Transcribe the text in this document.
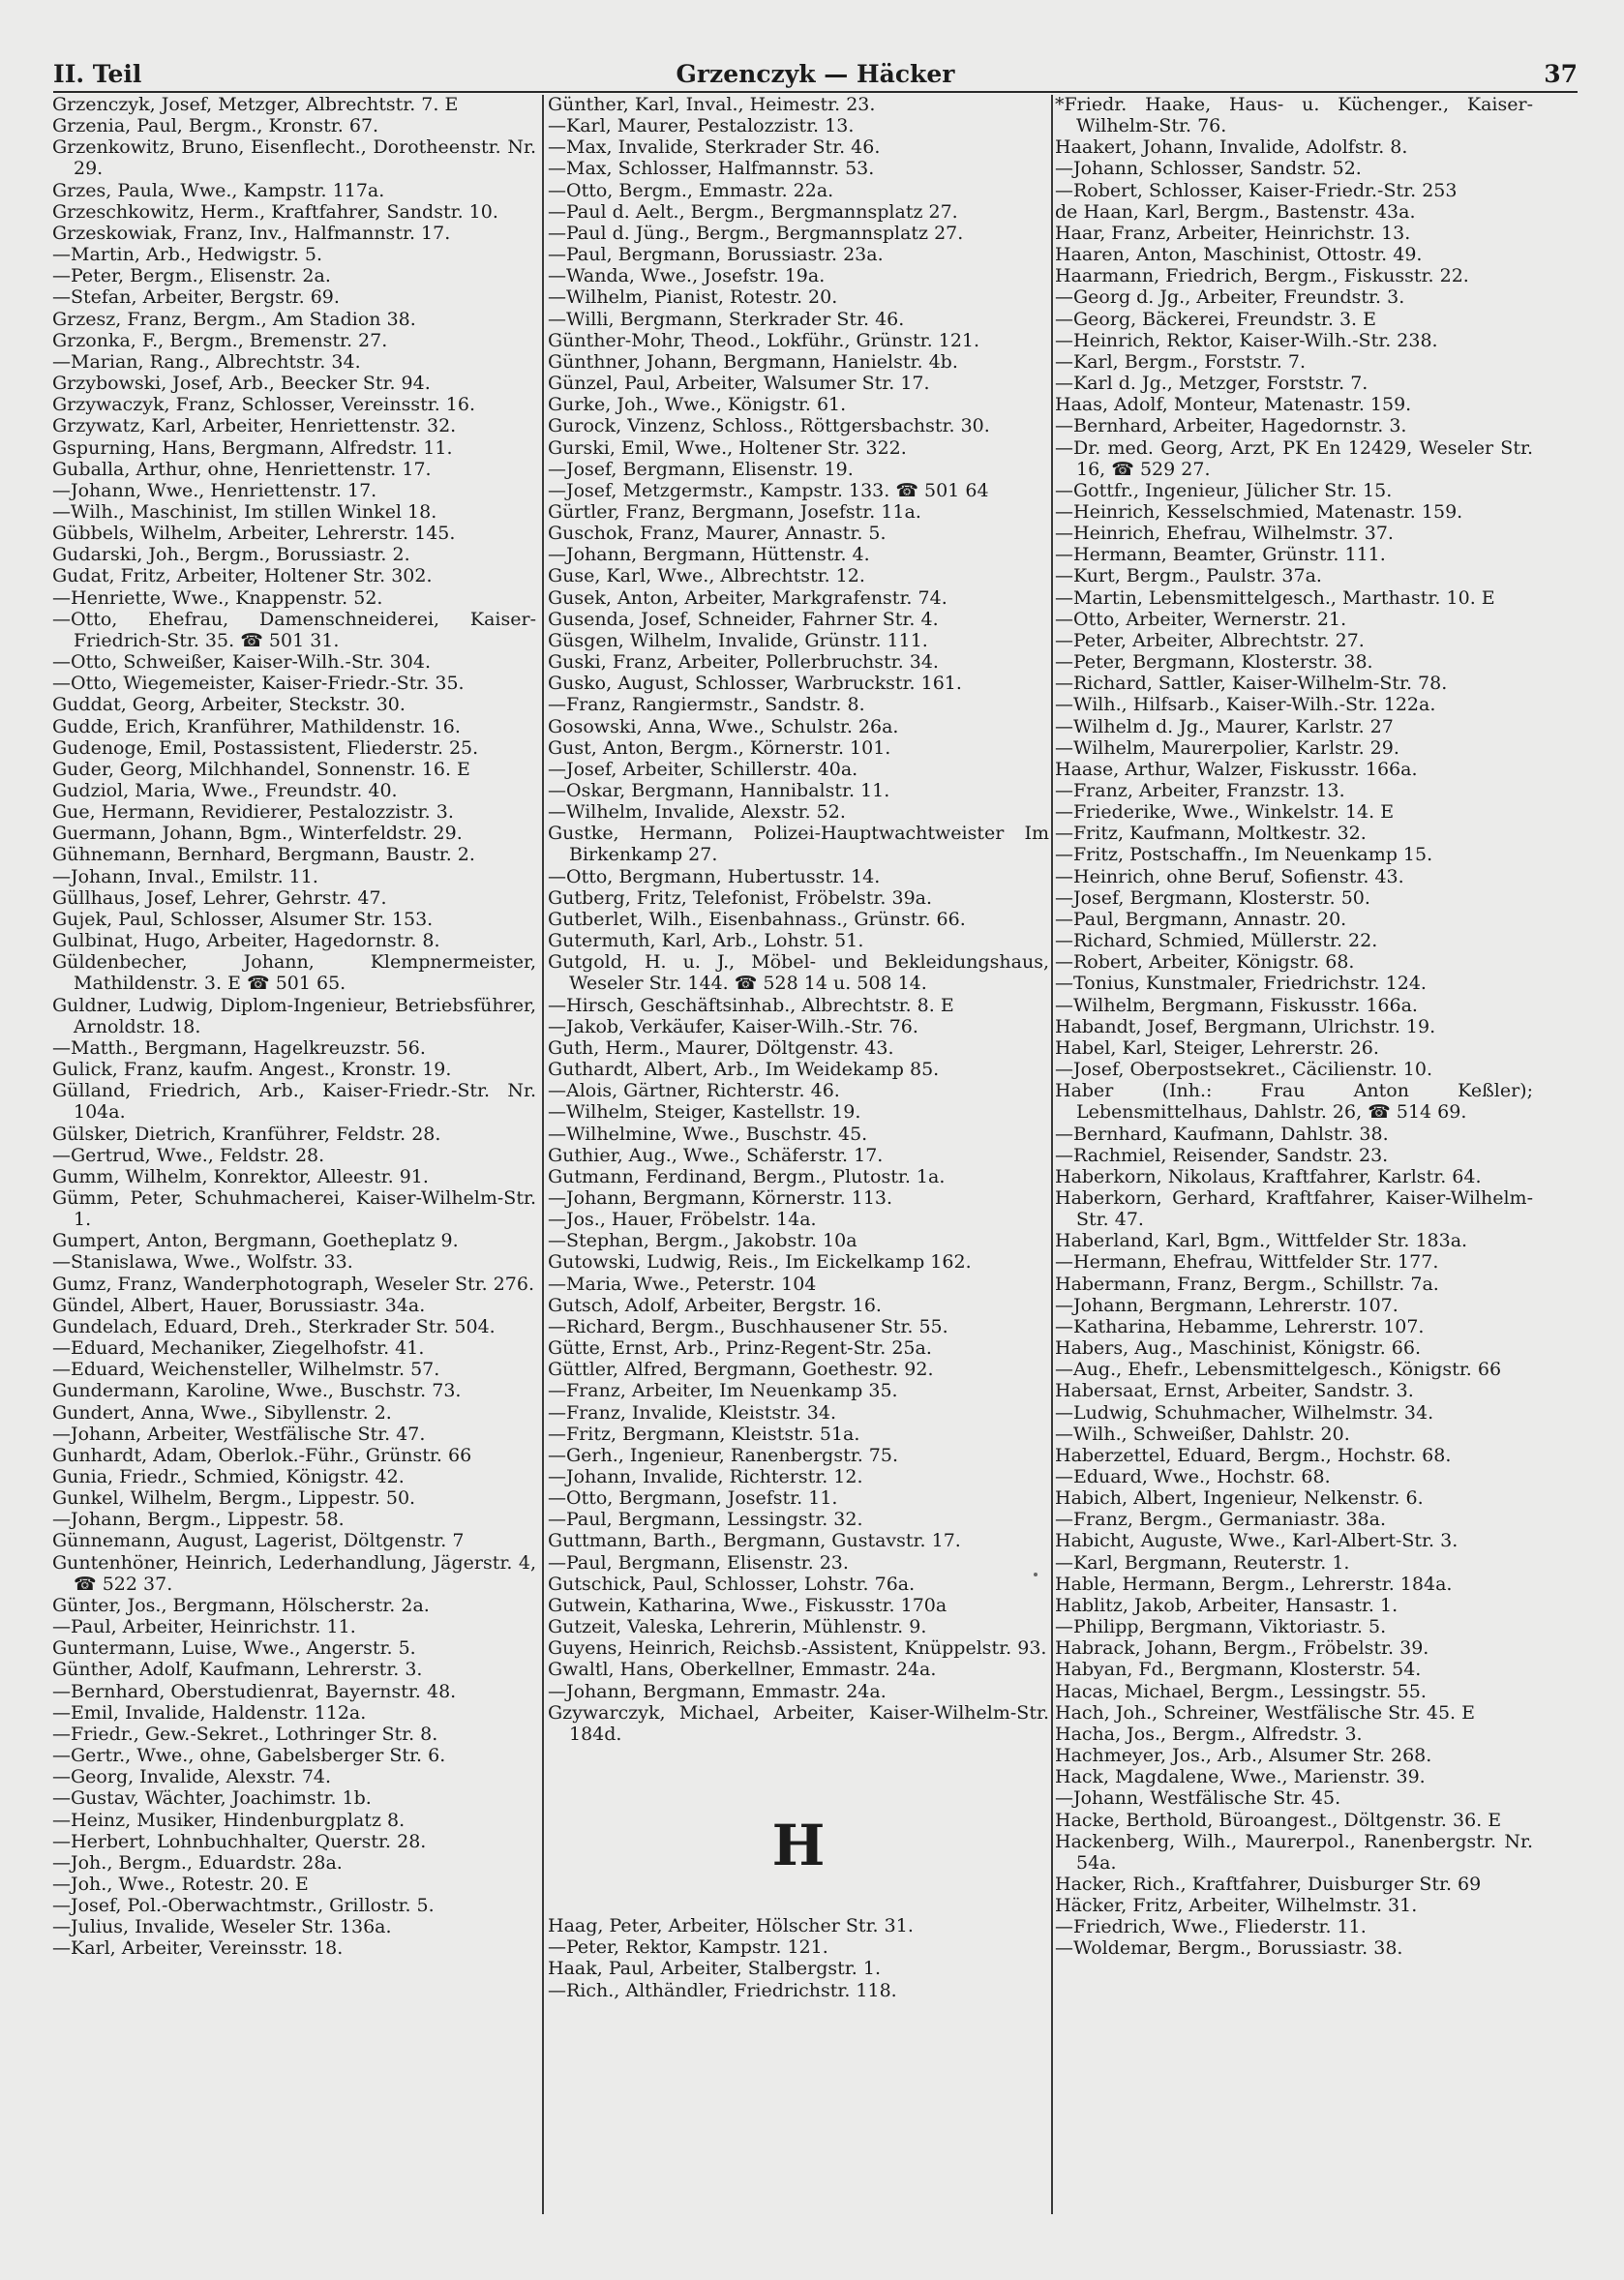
II. Teil	Grzenczyk — Häcker	37

Grzenczyk, Josef, Metzger, Albrechtstr. 7. E

Grzenia, Paul, Bergm., Kronstr. 67.

Grzenkowitz, Bruno, Eisenflecht., Dorotheenstr. Nr. 29.

Grzes, Paula, Wwe., Kampstr. 117a.

Grzeschkowitz, Herm., Kraftfahrer, Sandstr. 10.

Grzeskowiak, Franz, Inv., Halfmannstr. 17.

—Martin, Arb., Hedwigstr. 5.

—Peter, Bergm., Elisenstr. 2a.

—Stefan, Arbeiter, Bergstr. 69.

Grzesz, Franz, Bergm., Am Stadion 38.

Grzonka, F., Bergm., Bremenstr. 27.

—Marian, Rang., Albrechtstr. 34.

Grzybowski, Josef, Arb., Beecker Str. 94.

Grzywaczyk, Franz, Schlosser, Vereinsstr. 16.

Grzywatz, Karl, Arbeiter, Henriettenstr. 32.

Gspurning, Hans, Bergmann, Alfredstr. 11.

Guballa, Arthur, ohne, Henriettenstr. 17.

—Johann, Wwe., Henriettenstr. 17.

—Wilh., Maschinist, Im stillen Winkel 18.

Gübbels, Wilhelm, Arbeiter, Lehrerstr. 145.

Gudarski, Joh., Bergm., Borussiastr. 2.

Gudat, Fritz, Arbeiter, Holtener Str. 302.

—Henriette, Wwe., Knappenstr. 52.

—Otto, Ehefrau, Damenschneiderei, Kaiser-Friedrich-Str. 35. ☎ 501 31.

—Otto, Schweißer, Kaiser-Wilh.-Str. 304.

—Otto, Wiegemeister, Kaiser-Friedr.-Str. 35.

Guddat, Georg, Arbeiter, Steckstr. 30.

Gudde, Erich, Kranführer, Mathildenstr. 16.

Gudenoge, Emil, Postassistent, Fliederstr. 25.

Guder, Georg, Milchhandel, Sonnenstr. 16. E

Gudziol, Maria, Wwe., Freundstr. 40.

Gue, Hermann, Revidierer, Pestalozzistr. 3.

Guermann, Johann, Bgm., Winterfeldstr. 29.

Gühnemann, Bernhard, Bergmann, Baustr. 2.

—Johann, Inval., Emilstr. 11.

Güllhaus, Josef, Lehrer, Gehrstr. 47.

Gujek, Paul, Schlosser, Alsumer Str. 153.

Gulbinat, Hugo, Arbeiter, Hagedornstr. 8.

Güldenbecher, Johann, Klempnermeister, Mathildenstr. 3. E ☎ 501 65.

Guldner, Ludwig, Diplom-Ingenieur, Betriebsführer, Arnoldstr. 18.

—Matth., Bergmann, Hagelkreuzstr. 56.

Gulick, Franz, kaufm. Angest., Kronstr. 19.

Gülland, Friedrich, Arb., Kaiser-Friedr.-Str. Nr. 104a.

Gülsker, Dietrich, Kranführer, Feldstr. 28.

—Gertrud, Wwe., Feldstr. 28.

Gumm, Wilhelm, Konrektor, Alleestr. 91.

Gümm, Peter, Schuhmacherei, Kaiser-Wilhelm-Str. 1.

Gumpert, Anton, Bergmann, Goetheplatz 9.

—Stanislawa, Wwe., Wolfstr. 33.

Gumz, Franz, Wanderphotograph, Weseler Str. 276.

Gündel, Albert, Hauer, Borussiastr. 34a.

Gundelach, Eduard, Dreh., Sterkrader Str. 504.

—Eduard, Mechaniker, Ziegelhofstr. 41.

—Eduard, Weichensteller, Wilhelmstr. 57.

Gundermann, Karoline, Wwe., Buschstr. 73.

Gundert, Anna, Wwe., Sibyllenstr. 2.

—Johann, Arbeiter, Westfälische Str. 47.

Gunhardt, Adam, Oberlok.-Führ., Grünstr. 66

Gunia, Friedr., Schmied, Königstr. 42.

Gunkel, Wilhelm, Bergm., Lippestr. 50.

—Johann, Bergm., Lippestr. 58.

Günnemann, August, Lagerist, Döltgenstr. 7

Guntenhöner, Heinrich, Lederhandlung, Jägerstr. 4, ☎ 522 37.

Günter, Jos., Bergmann, Hölscherstr. 2a.

—Paul, Arbeiter, Heinrichstr. 11.

Guntermann, Luise, Wwe., Angerstr. 5.

Günther, Adolf, Kaufmann, Lehrerstr. 3.

—Bernhard, Oberstudienrat, Bayernstr. 48.

—Emil, Invalide, Haldenstr. 112a.

—Friedr., Gew.-Sekret., Lothringer Str. 8.

—Gertr., Wwe., ohne, Gabelsberger Str. 6.

—Georg, Invalide, Alexstr. 74.

—Gustav, Wächter, Joachimstr. 1b.

—Heinz, Musiker, Hindenburgplatz 8.

—Herbert, Lohnbuchhalter, Querstr. 28.

—Joh., Bergm., Eduardstr. 28a.

—Joh., Wwe., Rotestr. 20. E

—Josef, Pol.-Oberwachtmstr., Grillostr. 5.

—Julius, Invalide, Weseler Str. 136a.

—Karl, Arbeiter, Vereinsstr. 18.

Günther, Karl, Inval., Heimestr. 23.

—Karl, Maurer, Pestalozzistr. 13.

—Max, Invalide, Sterkrader Str. 46.

—Max, Schlosser, Halfmannstr. 53.

—Otto, Bergm., Emmastr. 22a.

—Paul d. Aelt., Bergm., Bergmannsplatz 27.

—Paul d. Jüng., Bergm., Bergmannsplatz 27.

—Paul, Bergmann, Borussiastr. 23a.

—Wanda, Wwe., Josefstr. 19a.

—Wilhelm, Pianist, Rotestr. 20.

—Willi, Bergmann, Sterkrader Str. 46.

Günther-Mohr, Theod., Lokführ., Grünstr. 121.

Günthner, Johann, Bergmann, Hanielstr. 4b.

Günzel, Paul, Arbeiter, Walsumer Str. 17.

Gurke, Joh., Wwe., Königstr. 61.

Gurock, Vinzenz, Schloss., Röttgersbachstr. 30.

Gurski, Emil, Wwe., Holtener Str. 322.

—Josef, Bergmann, Elisenstr. 19.

—Josef, Metzgermstr., Kampstr. 133. ☎ 501 64

Gürtler, Franz, Bergmann, Josefstr. 11a.

Guschok, Franz, Maurer, Annastr. 5.

—Johann, Bergmann, Hüttenstr. 4.

Guse, Karl, Wwe., Albrechtstr. 12.

Gusek, Anton, Arbeiter, Markgrafenstr. 74.

Gusenda, Josef, Schneider, Fahrner Str. 4.

Güsgen, Wilhelm, Invalide, Grünstr. 111.

Guski, Franz, Arbeiter, Pollerbruchstr. 34.

Gusko, August, Schlosser, Warbruckstr. 161.

—Franz, Rangiermstr., Sandstr. 8.

Gosowski, Anna, Wwe., Schulstr. 26a.

Gust, Anton, Bergm., Körnerstr. 101.

—Josef, Arbeiter, Schillerstr. 40a.

—Oskar, Bergmann, Hannibalstr. 11.

—Wilhelm, Invalide, Alexstr. 52.

Gustke, Hermann, Polizei-Hauptwachtweister Im Birkenkamp 27.

—Otto, Bergmann, Hubertusstr. 14.

Gutberg, Fritz, Telefonist, Fröbelstr. 39a.

Gutberlet, Wilh., Eisenbahnass., Grünstr. 66.

Gutermuth, Karl, Arb., Lohstr. 51.

Gutgold, H. u. J., Möbel- und Bekleidungshaus, Weseler Str. 144. ☎ 528 14 u. 508 14.

—Hirsch, Geschäftsinhab., Albrechtstr. 8. E

—Jakob, Verkäufer, Kaiser-Wilh.-Str. 76.

Guth, Herm., Maurer, Döltgenstr. 43.

Guthardt, Albert, Arb., Im Weidekamp 85.

—Alois, Gärtner, Richterstr. 46.

—Wilhelm, Steiger, Kastellstr. 19.

—Wilhelmine, Wwe., Buschstr. 45.

Guthier, Aug., Wwe., Schäferstr. 17.

Gutmann, Ferdinand, Bergm., Plutostr. 1a.

—Johann, Bergmann, Körnerstr. 113.

—Jos., Hauer, Fröbelstr. 14a.

—Stephan, Bergm., Jakobstr. 10a

Gutowski, Ludwig, Reis., Im Eickelkamp 162.

—Maria, Wwe., Peterstr. 104

Gutsch, Adolf, Arbeiter, Bergstr. 16.

—Richard, Bergm., Buschhausener Str. 55.

Gütte, Ernst, Arb., Prinz-Regent-Str. 25a.

Güttler, Alfred, Bergmann, Goethestr. 92.

—Franz, Arbeiter, Im Neuenkamp 35.

—Franz, Invalide, Kleiststr. 34.

—Fritz, Bergmann, Kleiststr. 51a.

—Gerh., Ingenieur, Ranenbergstr. 75.

—Johann, Invalide, Richterstr. 12.

—Otto, Bergmann, Josefstr. 11.

—Paul, Bergmann, Lessingstr. 32.

Guttmann, Barth., Bergmann, Gustavstr. 17.

—Paul, Bergmann, Elisenstr. 23.

Gutschick, Paul, Schlosser, Lohstr. 76a.

Gutwein, Katharina, Wwe., Fiskusstr. 170a

Gutzeit, Valeska, Lehrerin, Mühlenstr. 9.

Guyens, Heinrich, Reichsb.-Assistent, Knüppelstr. 93.

Gwaltl, Hans, Oberkellner, Emmastr. 24a.

—Johann, Bergmann, Emmastr. 24a.

Gzywarczyk, Michael, Arbeiter, Kaiser-Wilhelm-Str. 184d.

H

Haag, Peter, Arbeiter, Hölscher Str. 31.

—Peter, Rektor, Kampstr. 121.

Haak, Paul, Arbeiter, Stalbergstr. 1.

—Rich., Althändler, Friedrichstr. 118.

*Friedr. Haake, Haus- u. Küchenger., Kaiser-Wilhelm-Str. 76.

Haakert, Johann, Invalide, Adolfstr. 8.

—Johann, Schlosser, Sandstr. 52.

—Robert, Schlosser, Kaiser-Friedr.-Str. 253

de Haan, Karl, Bergm., Bastenstr. 43a.

Haar, Franz, Arbeiter, Heinrichstr. 13.

Haaren, Anton, Maschinist, Ottostr. 49.

Haarmann, Friedrich, Bergm., Fiskusstr. 22.

—Georg d. Jg., Arbeiter, Freundstr. 3.

—Georg, Bäckerei, Freundstr. 3. E

—Heinrich, Rektor, Kaiser-Wilh.-Str. 238.

—Karl, Bergm., Forststr. 7.

—Karl d. Jg., Metzger, Forststr. 7.

Haas, Adolf, Monteur, Matenastr. 159.

—Bernhard, Arbeiter, Hagedornstr. 3.

—Dr. med. Georg, Arzt, PK En 12429, Weseler Str. 16, ☎ 529 27.

—Gottfr., Ingenieur, Jülicher Str. 15.

—Heinrich, Kesselschmied, Matenastr. 159.

—Heinrich, Ehefrau, Wilhelmstr. 37.

—Hermann, Beamter, Grünstr. 111.

—Kurt, Bergm., Paulstr. 37a.

—Martin, Lebensmittelgesch., Marthastr. 10. E

—Otto, Arbeiter, Wernerstr. 21.

—Peter, Arbeiter, Albrechtstr. 27.

—Peter, Bergmann, Klosterstr. 38.

—Richard, Sattler, Kaiser-Wilhelm-Str. 78.

—Wilh., Hilfsarb., Kaiser-Wilh.-Str. 122a.

—Wilhelm d. Jg., Maurer, Karlstr. 27

—Wilhelm, Maurerpolier, Karlstr. 29.

Haase, Arthur, Walzer, Fiskusstr. 166a.

—Franz, Arbeiter, Franzstr. 13.

—Friederike, Wwe., Winkelstr. 14. E

—Fritz, Kaufmann, Moltkestr. 32.

—Fritz, Postschaffn., Im Neuenkamp 15.

—Heinrich, ohne Beruf, Sofienstr. 43.

—Josef, Bergmann, Klosterstr. 50.

—Paul, Bergmann, Annastr. 20.

—Richard, Schmied, Müllerstr. 22.

—Robert, Arbeiter, Königstr. 68.

—Tonius, Kunstmaler, Friedrichstr. 124.

—Wilhelm, Bergmann, Fiskusstr. 166a.

Habandt, Josef, Bergmann, Ulrichstr. 19.

Habel, Karl, Steiger, Lehrerstr. 26.

—Josef, Oberpostsekret., Cäcilienstr. 10.

Haber (Inh.: Frau Anton Keßler); Lebensmittelhaus, Dahlstr. 26, ☎ 514 69.

—Bernhard, Kaufmann, Dahlstr. 38.

—Rachmiel, Reisender, Sandstr. 23.

Haberkorn, Nikolaus, Kraftfahrer, Karlstr. 64.

Haberkorn, Gerhard, Kraftfahrer, Kaiser-Wilhelm-Str. 47.

Haberland, Karl, Bgm., Wittfelder Str. 183a.

—Hermann, Ehefrau, Wittfelder Str. 177.

Habermann, Franz, Bergm., Schillstr. 7a.

—Johann, Bergmann, Lehrerstr. 107.

—Katharina, Hebamme, Lehrerstr. 107.

Habers, Aug., Maschinist, Königstr. 66.

—Aug., Ehefr., Lebensmittelgesch., Königstr. 66

Habersaat, Ernst, Arbeiter, Sandstr. 3.

—Ludwig, Schuhmacher, Wilhelmstr. 34.

—Wilh., Schweißer, Dahlstr. 20.

Haberzettel, Eduard, Bergm., Hochstr. 68.

—Eduard, Wwe., Hochstr. 68.

Habich, Albert, Ingenieur, Nelkenstr. 6.

—Franz, Bergm., Germaniastr. 38a.

Habicht, Auguste, Wwe., Karl-Albert-Str. 3.

—Karl, Bergmann, Reuterstr. 1.

Hable, Hermann, Bergm., Lehrerstr. 184a.

Hablitz, Jakob, Arbeiter, Hansastr. 1.

—Philipp, Bergmann, Viktoriastr. 5.

Habrack, Johann, Bergm., Fröbelstr. 39.

Habyan, Fd., Bergmann, Klosterstr. 54.

Hacas, Michael, Bergm., Lessingstr. 55.

Hach, Joh., Schreiner, Westfälische Str. 45. E

Hacha, Jos., Bergm., Alfredstr. 3.

Hachmeyer, Jos., Arb., Alsumer Str. 268.

Hack, Magdalene, Wwe., Marienstr. 39.

—Johann, Westfälische Str. 45.

Hacke, Berthold, Büroangest., Döltgenstr. 36. E

Hackenberg, Wilh., Maurerpol., Ranenbergstr. Nr. 54a.

Hacker, Rich., Kraftfahrer, Duisburger Str. 69

Häcker, Fritz, Arbeiter, Wilhelmstr. 31.

—Friedrich, Wwe., Fliederstr. 11.

—Woldemar, Bergm., Borussiastr. 38.
